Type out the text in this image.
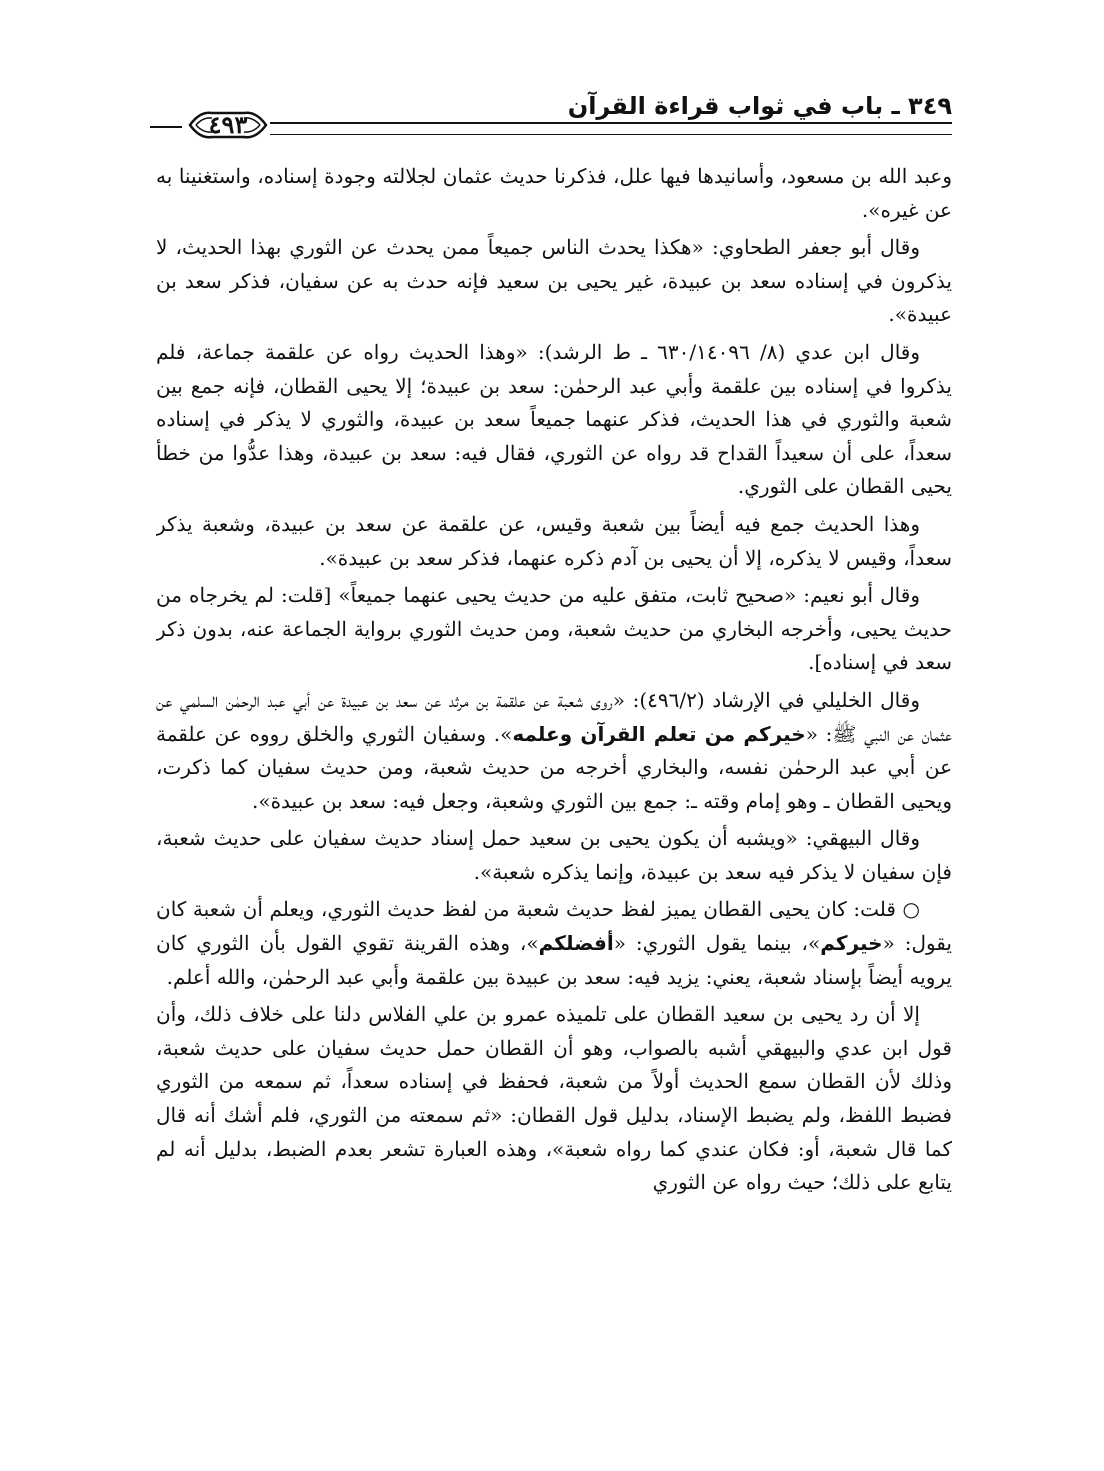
٣٤٩ ـ باب في ثواب قراءة القرآن
٤٩٣

وعبد الله بن مسعود، وأسانيدها فيها علل، فذكرنا حديث عثمان لجلالته وجودة إسناده، واستغنينا به عن غيره».

وقال أبو جعفر الطحاوي: «هكذا يحدث الناس جميعاً ممن يحدث عن الثوري بهذا الحديث، لا يذكرون في إسناده سعد بن عبيدة، غير يحيى بن سعيد فإنه حدث به عن سفيان، فذكر سعد بن عبيدة».

وقال ابن عدي (٨/ ٦٣٠/١٤٠٩٦ ـ ط الرشد): «وهذا الحديث رواه عن علقمة جماعة، فلم يذكروا في إسناده بين علقمة وأبي عبد الرحمٰن: سعد بن عبيدة؛ إلا يحيى القطان، فإنه جمع بين شعبة والثوري في هذا الحديث، فذكر عنهما جميعاً سعد بن عبيدة، والثوري لا يذكر في إسناده سعداً، على أن سعيداً القداح قد رواه عن الثوري، فقال فيه: سعد بن عبيدة، وهذا عدُّوا من خطأ يحيى القطان على الثوري.

وهذا الحديث جمع فيه أيضاً بين شعبة وقيس، عن علقمة عن سعد بن عبيدة، وشعبة يذكر سعداً، وقيس لا يذكره، إلا أن يحيى بن آدم ذكره عنهما، فذكر سعد بن عبيدة».

وقال أبو نعيم: «صحيح ثابت، متفق عليه من حديث يحيى عنهما جميعاً» [قلت: لم يخرجاه من حديث يحيى، وأخرجه البخاري من حديث شعبة، ومن حديث الثوري برواية الجماعة عنه، بدون ذكر سعد في إسناده].

وقال الخليلي في الإرشاد (٤٩٦/٢): «روى شعبة عن علقمة بن مرثد عن سعد بن عبيدة عن أبي عبد الرحمٰن السلمي عن عثمان عن النبي ﷺ: «خيركم من تعلم القرآن وعلمه». وسفيان الثوري والخلق رووه عن علقمة عن أبي عبد الرحمٰن نفسه، والبخاري أخرجه من حديث شعبة، ومن حديث سفيان كما ذكرت، ويحيى القطان ـ وهو إمام وقته ـ: جمع بين الثوري وشعبة، وجعل فيه: سعد بن عبيدة».

وقال البيهقي: «ويشبه أن يكون يحيى بن سعيد حمل إسناد حديث سفيان على حديث شعبة، فإن سفيان لا يذكر فيه سعد بن عبيدة، وإنما يذكره شعبة».

○ قلت: كان يحيى القطان يميز لفظ حديث شعبة من لفظ حديث الثوري، ويعلم أن شعبة كان يقول: «خيركم»، بينما يقول الثوري: «أفضلكم»، وهذه القرينة تقوي القول بأن الثوري كان يرويه أيضاً بإسناد شعبة، يعني: يزيد فيه: سعد بن عبيدة بين علقمة وأبي عبد الرحمٰن، والله أعلم.

إلا أن رد يحيى بن سعيد القطان على تلميذه عمرو بن علي الفلاس دلنا على خلاف ذلك، وأن قول ابن عدي والبيهقي أشبه بالصواب، وهو أن القطان حمل حديث سفيان على حديث شعبة، وذلك لأن القطان سمع الحديث أولاً من شعبة، فحفظ في إسناده سعداً، ثم سمعه من الثوري فضبط اللفظ، ولم يضبط الإسناد، بدليل قول القطان: «ثم سمعته من الثوري، فلم أشك أنه قال كما قال شعبة، أو: فكان عندي كما رواه شعبة»، وهذه العبارة تشعر بعدم الضبط، بدليل أنه لم يتابع على ذلك؛ حيث رواه عن الثوري
